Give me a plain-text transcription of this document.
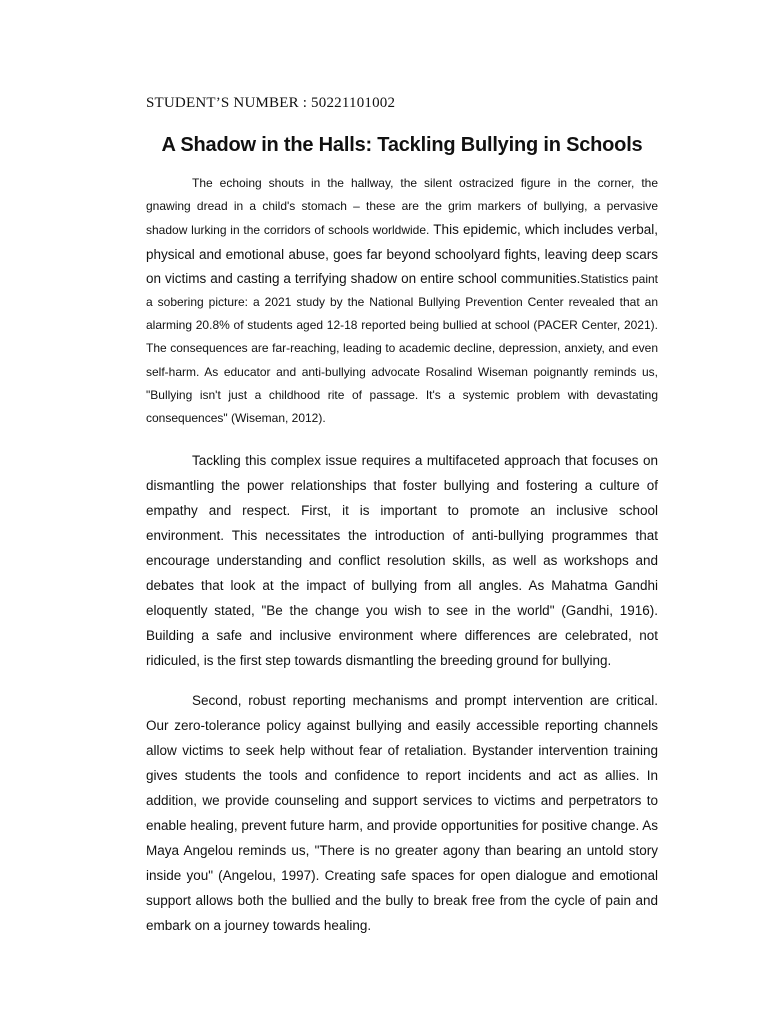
STUDENT’S NUMBER : 50221101002

A Shadow in the Halls: Tackling Bullying in Schools

The echoing shouts in the hallway, the silent ostracized figure in the corner, the gnawing dread in a child's stomach – these are the grim markers of bullying, a pervasive shadow lurking in the corridors of schools worldwide. This epidemic, which includes verbal, physical and emotional abuse, goes far beyond schoolyard fights, leaving deep scars on victims and casting a terrifying shadow on entire school communities.Statistics paint a sobering picture: a 2021 study by the National Bullying Prevention Center revealed that an alarming 20.8% of students aged 12-18 reported being bullied at school (PACER Center, 2021). The consequences are far-reaching, leading to academic decline, depression, anxiety, and even self-harm. As educator and anti-bullying advocate Rosalind Wiseman poignantly reminds us, "Bullying isn't just a childhood rite of passage. It's a systemic problem with devastating consequences" (Wiseman, 2012).

Tackling this complex issue requires a multifaceted approach that focuses on dismantling the power relationships that foster bullying and fostering a culture of empathy and respect. First, it is important to promote an inclusive school environment. This necessitates the introduction of anti-bullying programmes that encourage understanding and conflict resolution skills, as well as workshops and debates that look at the impact of bullying from all angles. As Mahatma Gandhi eloquently stated, "Be the change you wish to see in the world" (Gandhi, 1916). Building a safe and inclusive environment where differences are celebrated, not ridiculed, is the first step towards dismantling the breeding ground for bullying.

Second, robust reporting mechanisms and prompt intervention are critical. Our zero-tolerance policy against bullying and easily accessible reporting channels allow victims to seek help without fear of retaliation. Bystander intervention training gives students the tools and confidence to report incidents and act as allies. In addition, we provide counseling and support services to victims and perpetrators to enable healing, prevent future harm, and provide opportunities for positive change. As Maya Angelou reminds us, "There is no greater agony than bearing an untold story inside you" (Angelou, 1997). Creating safe spaces for open dialogue and emotional support allows both the bullied and the bully to break free from the cycle of pain and embark on a journey towards healing.
